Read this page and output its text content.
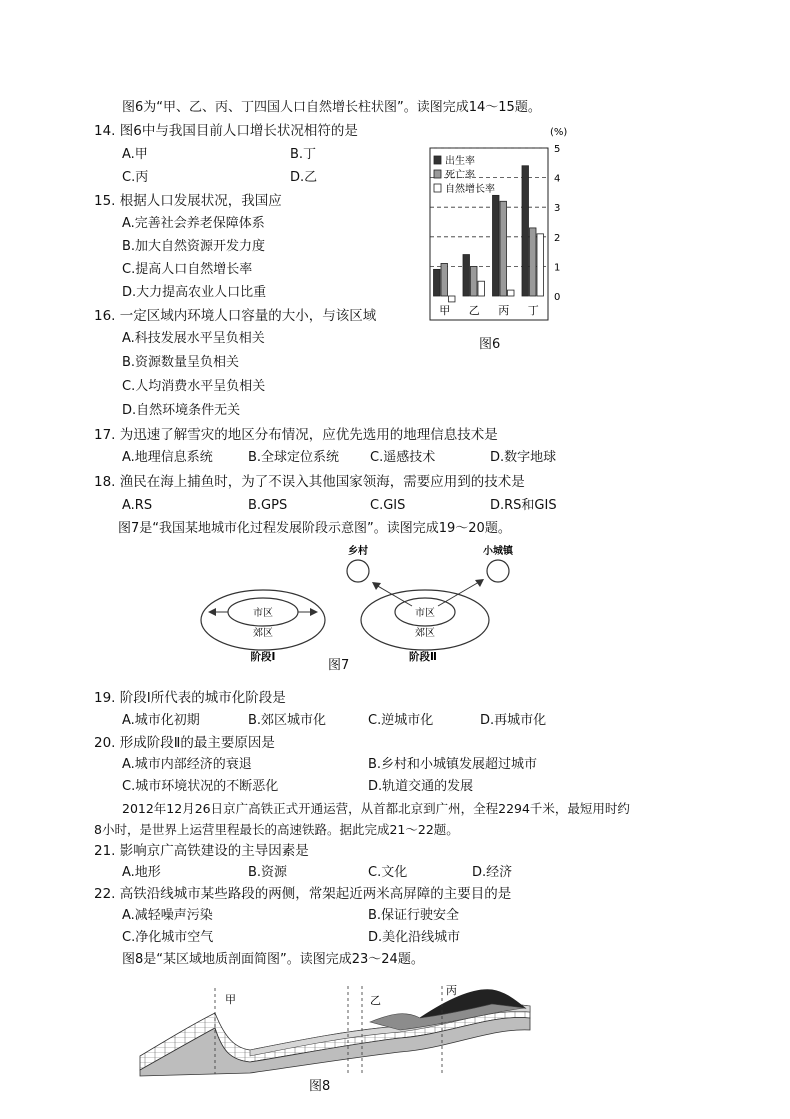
图6为“甲、乙、丙、丁四国人口自然增长柱状图”。读图完成14～15题。
14. 图6中与我国目前人口增长状况相符的是
A.甲	B.丁
C.丙	D.乙
15. 根据人口发展状况，我国应
A.完善社会养老保障体系
B.加大自然资源开发力度
C.提高人口自然增长率
D.大力提高农业人口比重
16. 一定区域内环境人口容量的大小，与该区域
A.科技发展水平呈负相关
B.资源数量呈负相关
C.人均消费水平呈负相关
D.自然环境条件无关
0
1
2
3
4
5
甲 乙 丙 丁
出生率
死亡率
自然增长率
(%)
图6
17. 为迅速了解雪灾的地区分布情况，应优先选用的地理信息技术是
A.地理信息系统	B.全球定位系统 C.遥感技术	D.数字地球
18. 渔民在海上捕鱼时，为了不误入其他国家领海，需要应用到的技术是
A.RS	B.GPS	C.GIS	D.RS和GIS
图7是“我国某地城市化过程发展阶段示意图”。读图完成19～20题。
市区
郊区
阶段Ⅰ
市区
郊区
阶段Ⅱ
乡村	小城镇
图7
19. 阶段Ⅰ所代表的城市化阶段是
A.城市化初期	B.郊区城市化	C.逆城市化	D.再城市化
20. 形成阶段Ⅱ的最主要原因是
A.城市内部经济的衰退	B.乡村和小城镇发展超过城市
C.城市环境状况的不断恶化	D.轨道交通的发展
2012年12月26日京广高铁正式开通运营，从首都北京到广州，全程2294千米，最短用时约
8小时，是世界上运营里程最长的高速铁路。据此完成21～22题。
21. 影响京广高铁建设的主导因素是
A.地形	B.资源	C.文化	D.经济
22. 高铁沿线城市某些路段的两侧，常架起近两米高屏障的主要目的是
A.减轻噪声污染	B.保证行驶安全
C.净化城市空气	D.美化沿线城市
图8是“某区域地质剖面简图”。读图完成23～24题。
甲	乙
丙
图8
